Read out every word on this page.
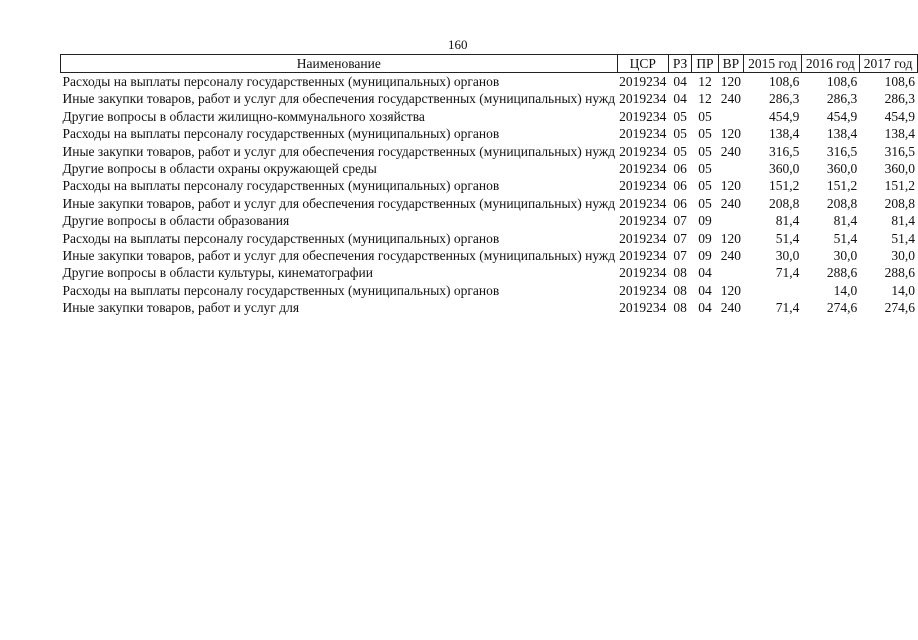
160
Наименование	ЦСР	РЗ	ПР	ВР	2015 год	2016 год	2017 год
Расходы на выплаты персоналу государственных (муниципальных) органов	2019234	04	12	120	108,6	108,6	108,6
Иные закупки товаров, работ и услуг для обеспечения государственных (муниципальных) нужд	2019234	04	12	240	286,3	286,3	286,3
Другие вопросы в области жилищно-коммунального хозяйства	2019234	05	05		454,9	454,9	454,9
Расходы на выплаты персоналу государственных (муниципальных) органов	2019234	05	05	120	138,4	138,4	138,4
Иные закупки товаров, работ и услуг для обеспечения государственных (муниципальных) нужд	2019234	05	05	240	316,5	316,5	316,5
Другие вопросы в области охраны окружающей среды	2019234	06	05		360,0	360,0	360,0
Расходы на выплаты персоналу государственных (муниципальных) органов	2019234	06	05	120	151,2	151,2	151,2
Иные закупки товаров, работ и услуг для обеспечения государственных (муниципальных) нужд	2019234	06	05	240	208,8	208,8	208,8
Другие вопросы в области образования	2019234	07	09		81,4	81,4	81,4
Расходы на выплаты персоналу государственных (муниципальных) органов	2019234	07	09	120	51,4	51,4	51,4
Иные закупки товаров, работ и услуг для обеспечения государственных (муниципальных) нужд	2019234	07	09	240	30,0	30,0	30,0
Другие вопросы в области культуры, кинематографии	2019234	08	04		71,4	288,6	288,6
Расходы на выплаты персоналу государственных (муниципальных) органов	2019234	08	04	120		14,0	14,0
Иные закупки товаров, работ и услуг для	2019234	08	04	240	71,4	274,6	274,6
